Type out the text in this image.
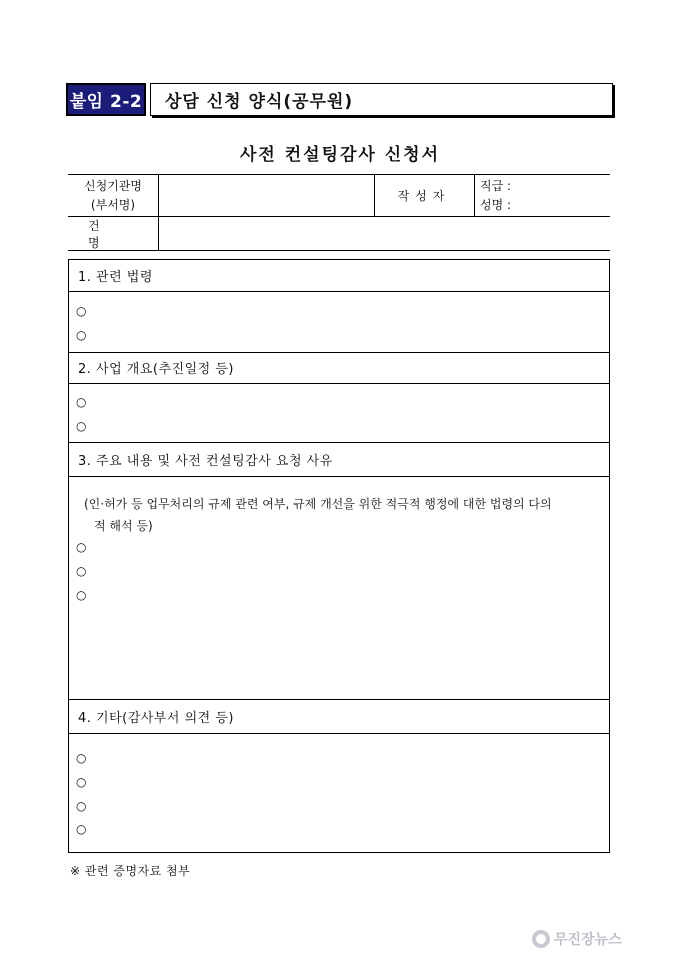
붙임 2-2	상담 신청 양식(공무원)
사전 컨설팅감사 신청서
신청기관명
(부서명)
작성자
직급 :
성명 :
건명
1. 관련 법령
○
○
2. 사업 개요(추진일정 등)
○
○
3. 주요 내용 및 사전 컨설팅감사 요청 사유
(인·허가 등 업무처리의 규제 관련 여부, 규제 개선을 위한 적극적 행정에 대한 법령의 다의
적 해석 등)
○
○
○
4. 기타(감사부서 의견 등)
○
○
○
○
※ 관련 증명자료 첨부
무진장뉴스
